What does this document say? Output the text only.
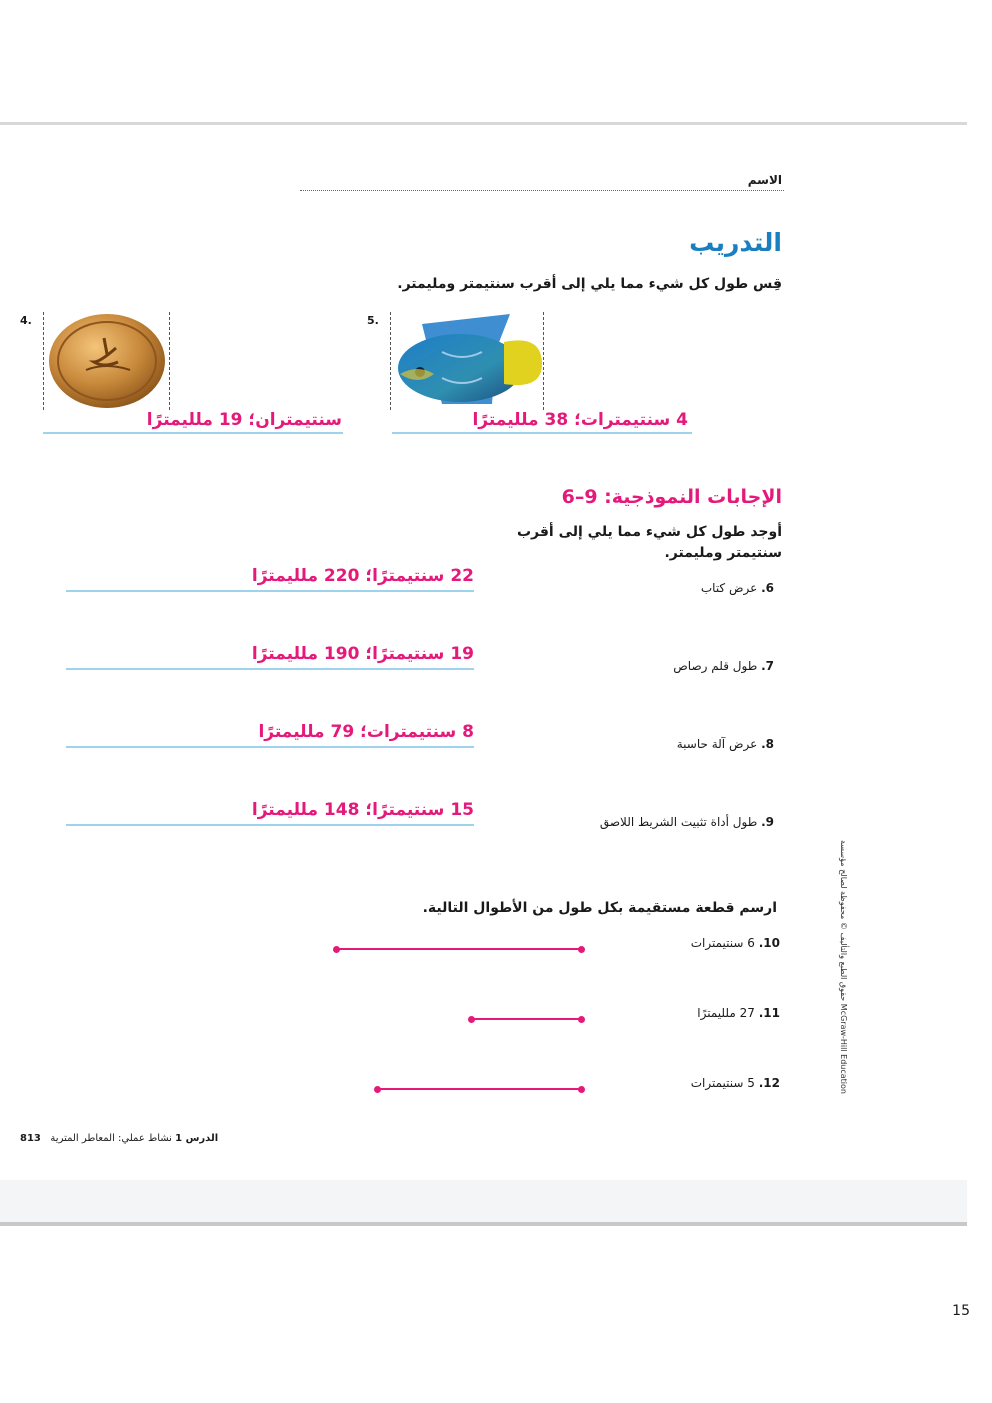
الاسم
التدريب
قِس طول كل شيء مما يلي إلى أقرب سنتيمتر ومليمتر.
4.
سنتيمتران؛ 19 ملليمترًا
5.
4 سنتيمترات؛ 38 ملليمترًا
الإجابات النموذجية: 9–6
أوجد طول كل شيء مما يلي إلى أقرب سنتيمتر ومليمتر.
22 سنتيمترًا؛ 220 ملليمترًا
6. عرض كتاب
19 سنتيمترًا؛ 190 ملليمترًا
7. طول قلم رصاص
8 سنتيمترات؛ 79 ملليمترًا
8. عرض آلة حاسبة
15 سنتيمترًا؛ 148 ملليمترًا
9. طول أداة تثبيت الشريط اللاصق
ارسم قطعة مستقيمة بكل طول من الأطوال التالية.
10. 6 سنتيمترات
11. 27 ملليمترًا
12. 5 سنتيمترات
حقوق الطبع والتأليف © محفوظة لصالح مؤسسة McGraw-Hill Education
813 نشاط عملي: المعاطر المترية الدرس 1
15
